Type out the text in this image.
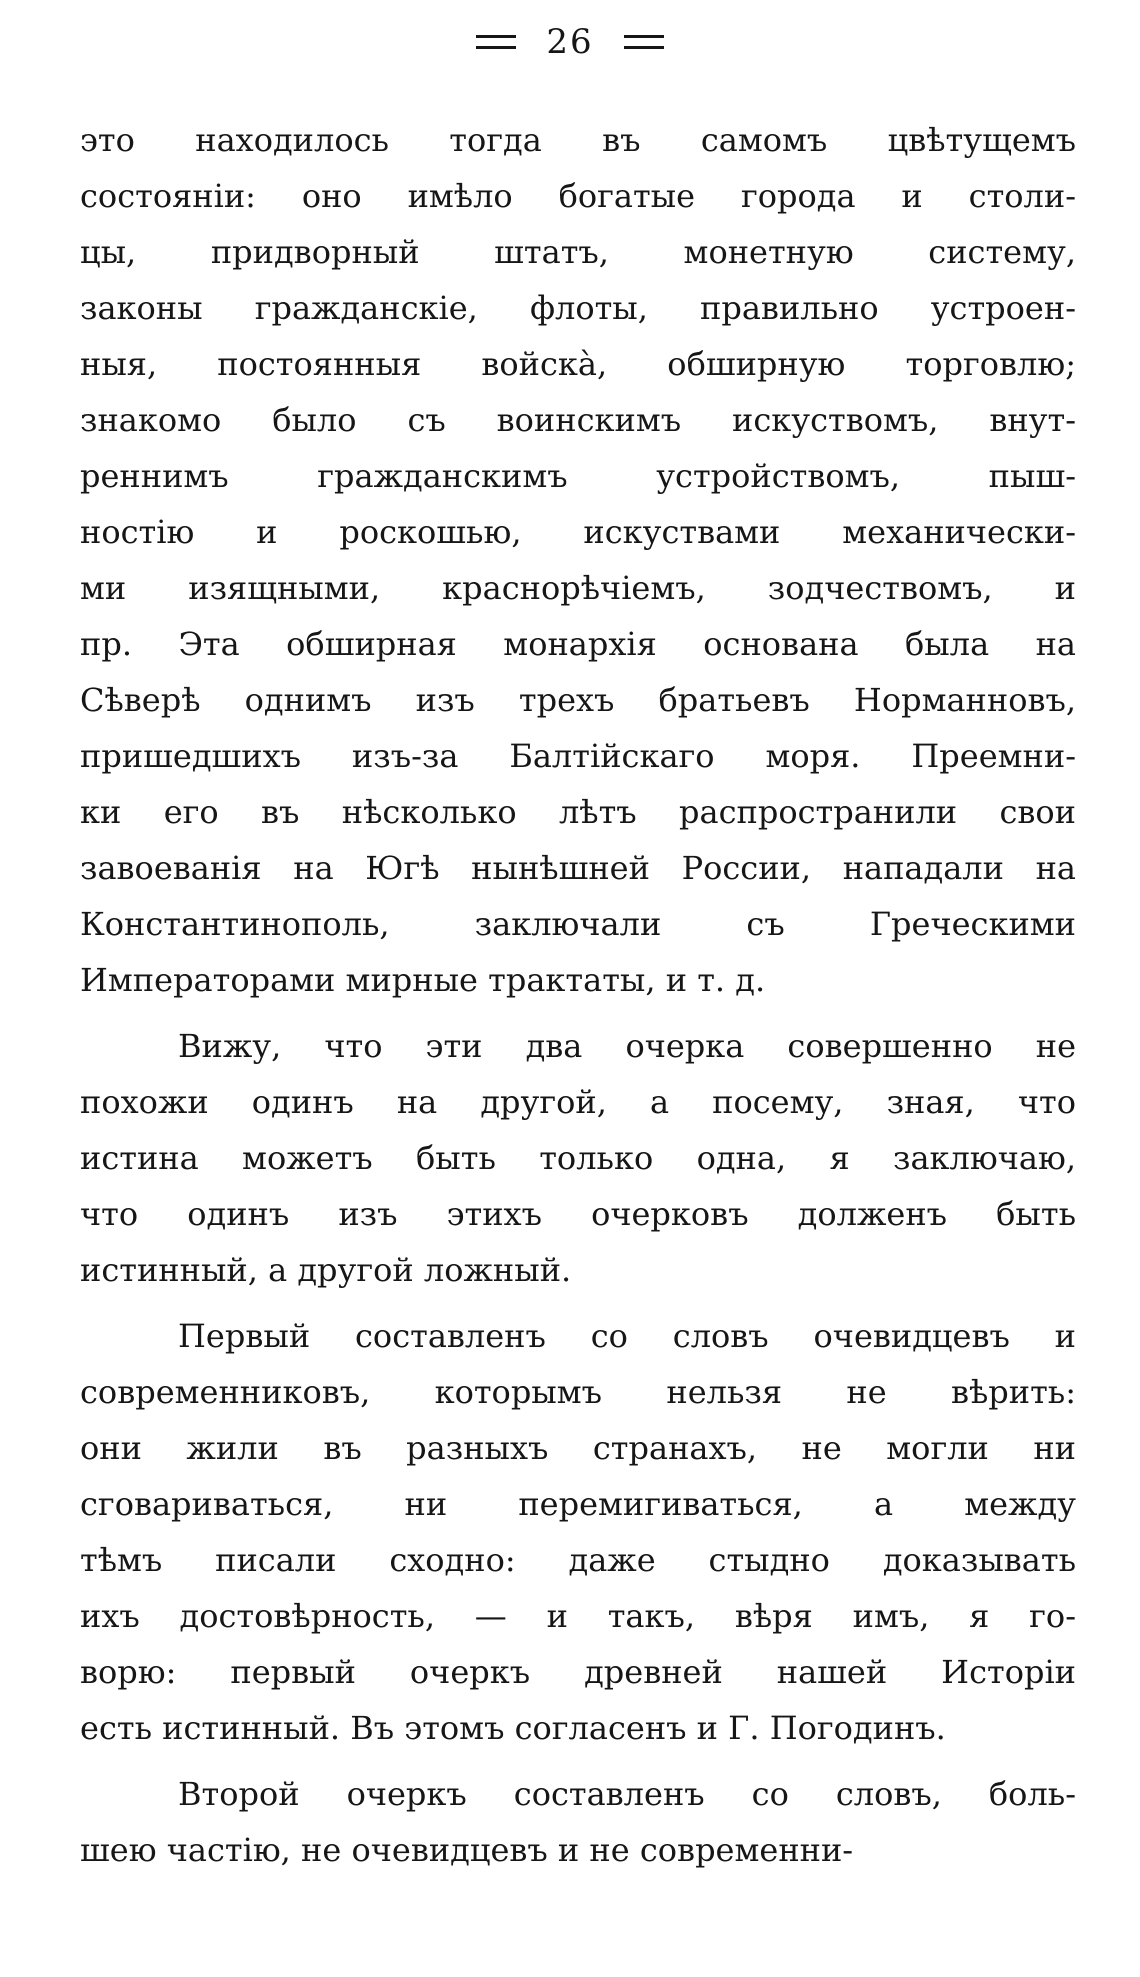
26
это находилось тогда въ самомъ цвѣтущемъ
состоянiи: оно имѣло богатые города и столи-
цы, придворный штатъ, монетную систему,
законы гражданскiе, флоты, правильно устроен-
ныя, постоянныя войскà, обширную торговлю;
знакомо было съ воинскимъ искуствомъ, внут-
реннимъ гражданскимъ устройствомъ, пыш-
ностiю и роскошью, искуствами механически-
ми изящными, краснорѣчiемъ, зодчествомъ, и
пр. Эта обширная монархiя основана была на
Сѣверѣ однимъ изъ трехъ братьевъ Норманновъ,
пришедшихъ изъ-за Балтiйскаго моря. Преемни-
ки его въ нѣсколько лѣтъ распространили свои
завоеванiя на Югѣ нынѣшней России, нападали на
Константинополь, заключали съ Греческими
Императорами мирные трактаты, и т. д.
Вижу, что эти два очерка совершенно не
похожи одинъ на другой, а посему, зная, что
истина можетъ быть только одна, я заключаю,
что одинъ изъ этихъ очерковъ долженъ быть
истинный, а другой ложный.
Первый составленъ со словъ очевидцевъ и
современниковъ, которымъ нельзя не вѣрить:
они жили въ разныхъ странахъ, не могли ни
сговариваться, ни перемигиваться, а между
тѣмъ писали сходно: даже стыдно доказывать
ихъ достовѣрность, — и такъ, вѣря имъ, я го-
ворю: первый очеркъ древней нашей Исторiи
есть истинный. Въ этомъ согласенъ и Г. Погодинъ.
Второй очеркъ составленъ со словъ, боль-
шею частiю, не очевидцевъ и не современни-
